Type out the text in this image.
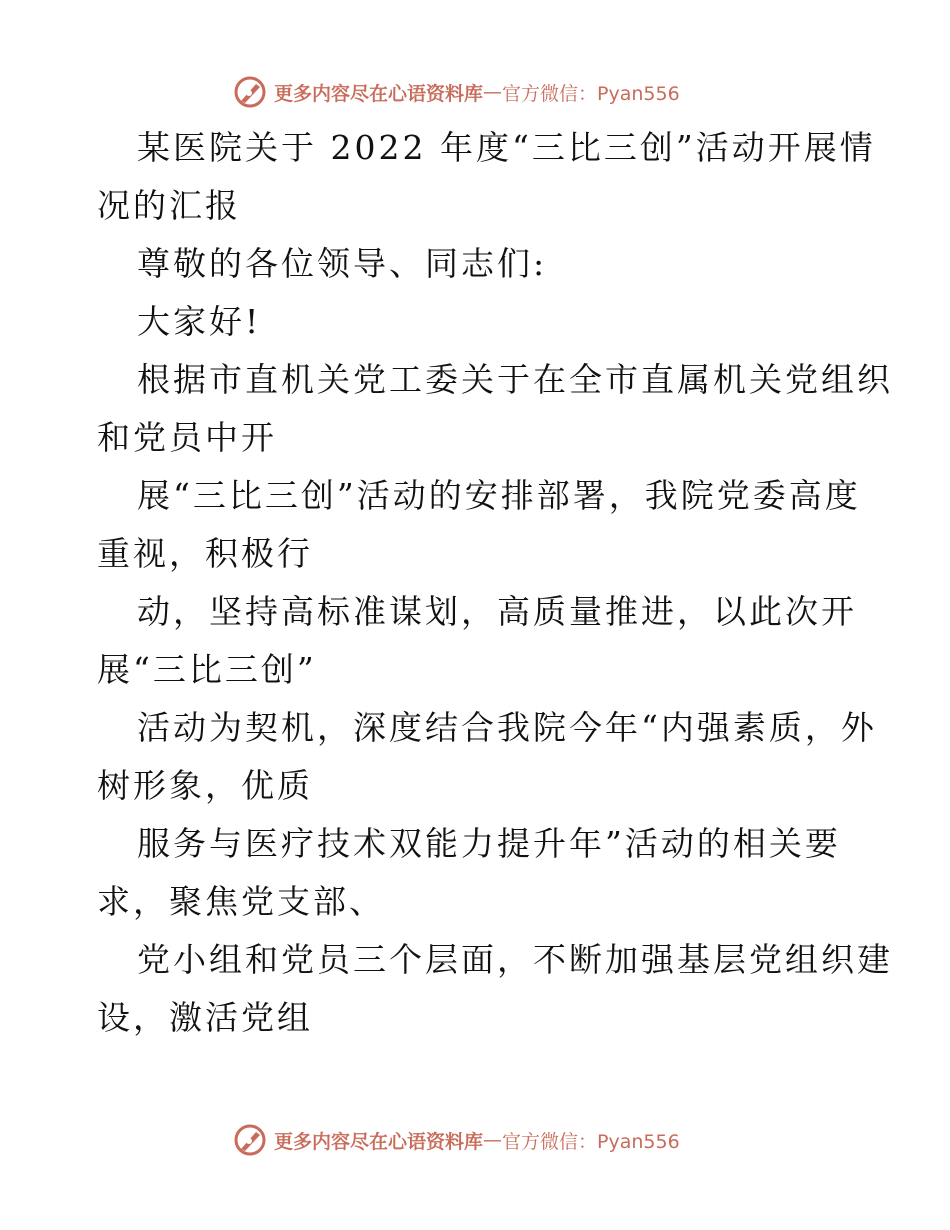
更多内容尽在心语资料库 — 官方微信：Pyan556
某医院关于 2022 年度“三比三创”活动开展情
况的汇报
尊敬的各位领导、同志们:
大家好!
根据市直机关党工委关于在全市直属机关党组织
和党员中开
展“三比三创”活动的安排部署，我院党委高度
重视，积极行
动，坚持高标准谋划，高质量推进，以此次开
展“三比三创”
活动为契机，深度结合我院今年“内强素质，外
树形象，优质
服务与医疗技术双能力提升年”活动的相关要
求，聚焦党支部、
党小组和党员三个层面，不断加强基层党组织建
设，激活党组
更多内容尽在心语资料库 — 官方微信：Pyan556
